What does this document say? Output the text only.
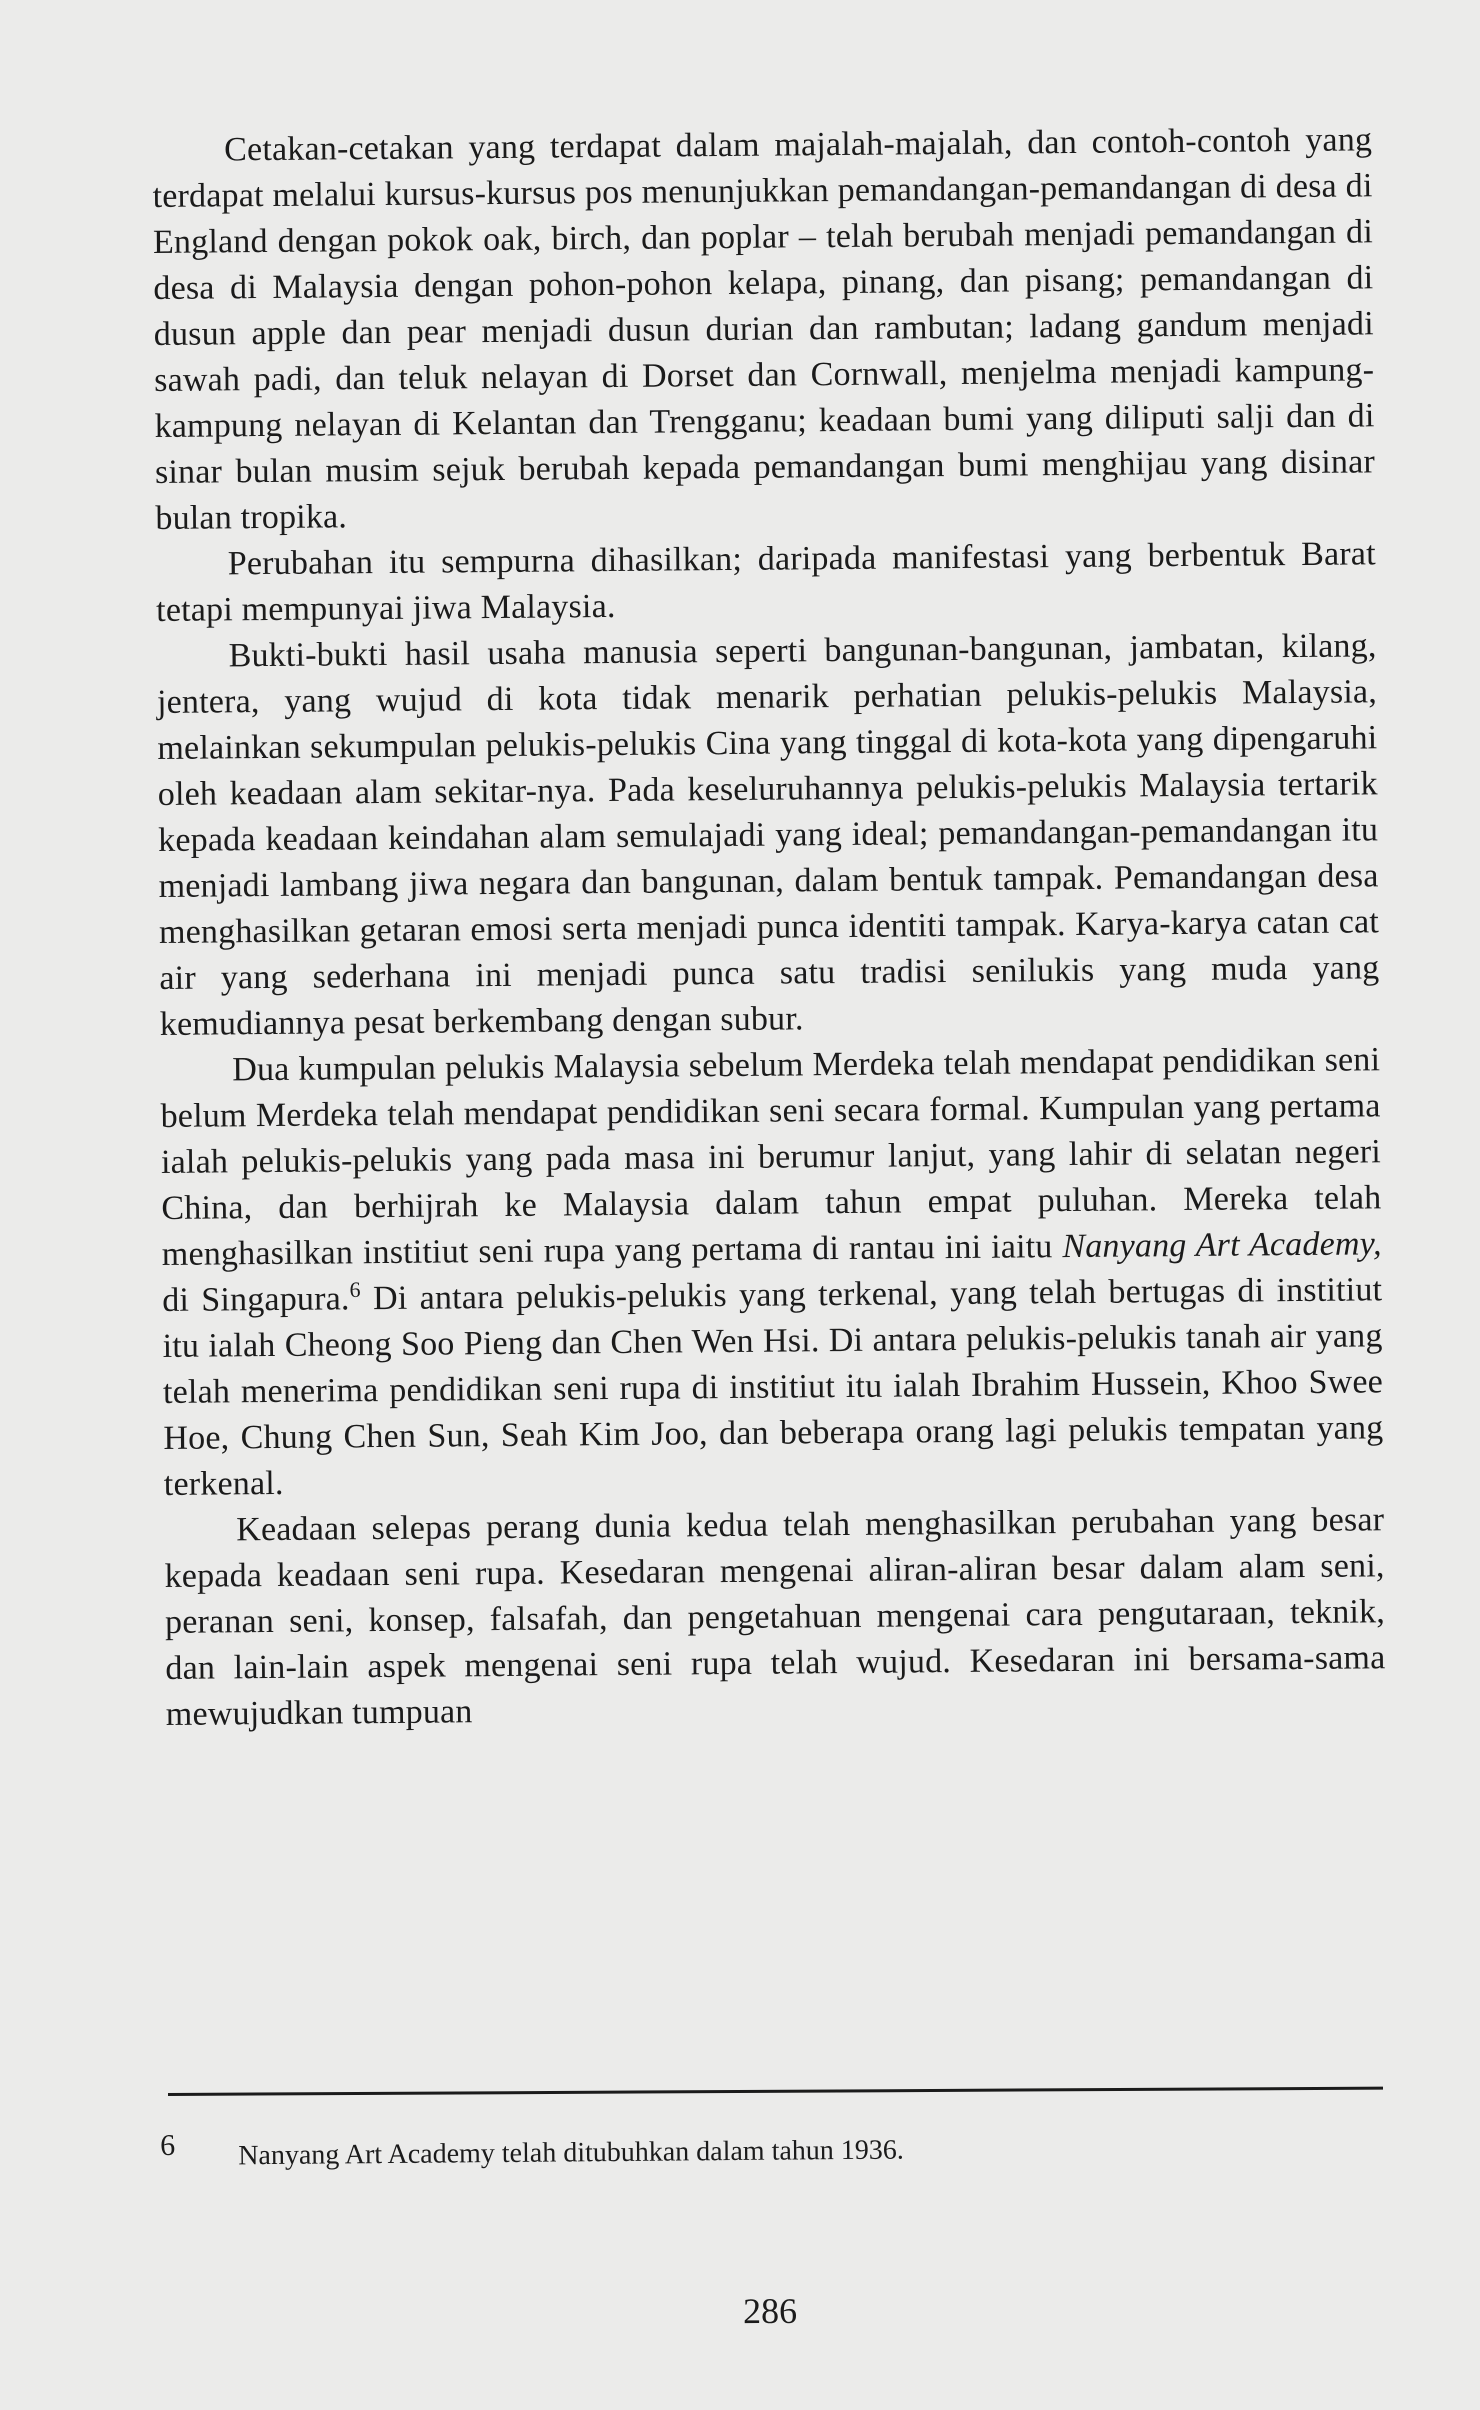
Cetakan-cetakan yang terdapat dalam majalah-majalah, dan contoh-contoh yang terdapat melalui kursus-kursus pos menunjukkan pemandangan-pemandangan di desa di England dengan pokok oak, birch, dan poplar – telah berubah menjadi pemandangan di desa di Malaysia dengan pohon-pohon kelapa, pinang, dan pisang; pemandangan di dusun apple dan pear menjadi dusun durian dan rambutan; ladang gandum menjadi sawah padi, dan teluk nelayan di Dorset dan Cornwall, menjelma menjadi kampung-kampung nelayan di Kelantan dan Trengganu; keadaan bumi yang diliputi salji dan di sinar bulan musim sejuk berubah kepada pemandangan bumi menghijau yang disinar bulan tropika.

Perubahan itu sempurna dihasilkan; daripada manifestasi yang berbentuk Barat tetapi mempunyai jiwa Malaysia.

Bukti-bukti hasil usaha manusia seperti bangunan-bangunan, jambatan, kilang, jentera, yang wujud di kota tidak menarik perhatian pelukis-pelukis Malaysia, melainkan sekumpulan pelukis-pelukis Cina yang tinggal di kota-kota yang dipengaruhi oleh keadaan alam sekitar-nya. Pada keseluruhannya pelukis-pelukis Malaysia tertarik kepada keadaan keindahan alam semulajadi yang ideal; pemandangan-pemandangan itu menjadi lambang jiwa negara dan bangunan, dalam bentuk tampak. Pemandangan desa menghasilkan getaran emosi serta menjadi punca identiti tampak. Karya-karya catan cat air yang sederhana ini menjadi punca satu tradisi senilukis yang muda yang kemudiannya pesat berkembang dengan subur.

Dua kumpulan pelukis Malaysia sebelum Merdeka telah mendapat pendidikan seni belum Merdeka telah mendapat pendidikan seni secara formal. Kumpulan yang pertama ialah pelukis-pelukis yang pada masa ini berumur lanjut, yang lahir di selatan negeri China, dan berhijrah ke Malaysia dalam tahun empat puluhan. Mereka telah menghasilkan institiut seni rupa yang pertama di rantau ini iaitu Nanyang Art Academy, di Singapura.$^6$ Di antara pelukis-pelukis yang terkenal, yang telah bertugas di institiut itu ialah Cheong Soo Pieng dan Chen Wen Hsi. Di antara pelukis-pelukis tanah air yang telah menerima pendidikan seni rupa di institiut itu ialah Ibrahim Hussein, Khoo Swee Hoe, Chung Chen Sun, Seah Kim Joo, dan beberapa orang lagi pelukis tempatan yang terkenal.

Keadaan selepas perang dunia kedua telah menghasilkan perubahan yang besar kepada keadaan seni rupa. Kesedaran mengenai aliran-aliran besar dalam alam seni, peranan seni, konsep, falsafah, dan pengetahuan mengenai cara pengutaraan, teknik, dan lain-lain aspek mengenai seni rupa telah wujud. Kesedaran ini bersama-sama mewujudkan tumpuan

6 Nanyang Art Academy telah ditubuhkan dalam tahun 1936.
286
